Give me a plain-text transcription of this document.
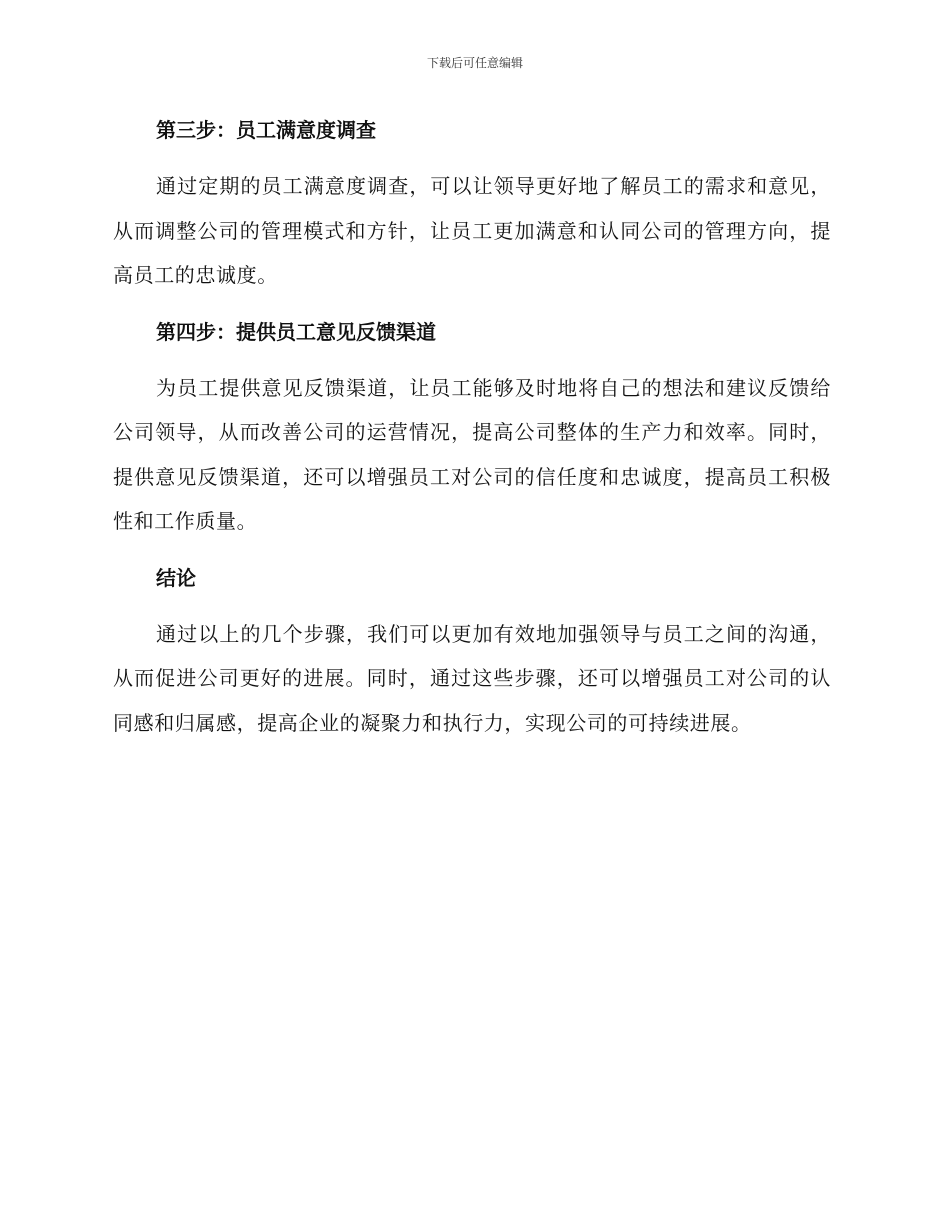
下载后可任意编辑
第三步：员工满意度调查

通过定期的员工满意度调查，可以让领导更好地了解员工的需求和意见，从而调整公司的管理模式和方针，让员工更加满意和认同公司的管理方向，提高员工的忠诚度。

第四步：提供员工意见反馈渠道

为员工提供意见反馈渠道，让员工能够及时地将自己的想法和建议反馈给公司领导，从而改善公司的运营情况，提高公司整体的生产力和效率。同时，提供意见反馈渠道，还可以增强员工对公司的信任度和忠诚度，提高员工积极性和工作质量。

结论

通过以上的几个步骤，我们可以更加有效地加强领导与员工之间的沟通，从而促进公司更好的进展。同时，通过这些步骤，还可以增强员工对公司的认同感和归属感，提高企业的凝聚力和执行力，实现公司的可持续进展。
